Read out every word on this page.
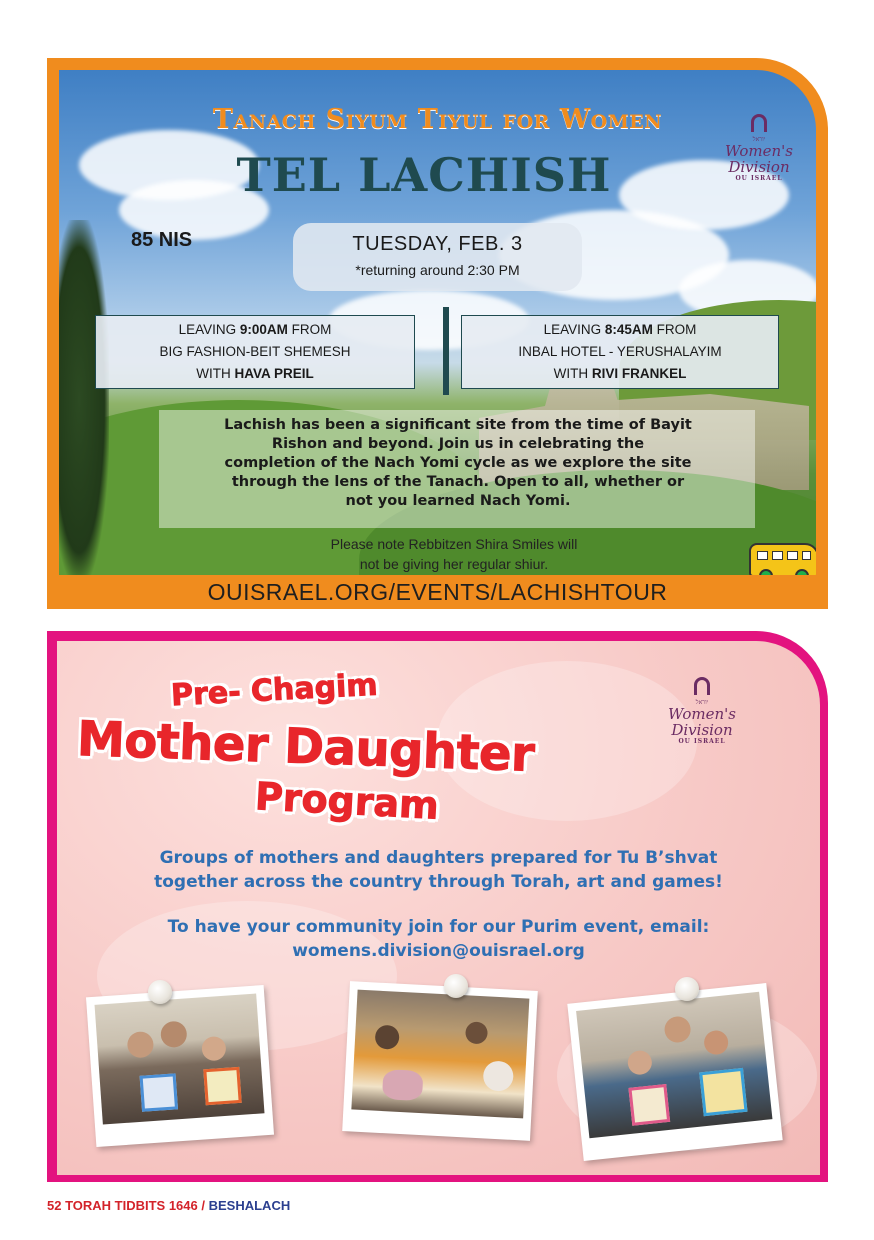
Tanach Siyum Tiyul for Women
TEL LACHISH
יוראל
Women's
Division
OU ISRAEL
85 NIS	TUESDAY, FEB. 3
*returning around 2:30 PM
LEAVING 9:00AM FROM
BIG FASHION-BEIT SHEMESH
WITH HAVA PREIL
LEAVING 8:45AM FROM
INBAL HOTEL - YERUSHALAYIM
WITH RIVI FRANKEL
Lachish has been a significant site from the time of Bayit
Rishon and beyond. Join us in celebrating the
completion of the Nach Yomi cycle as we explore the site
through the lens of the Tanach. Open to all, whether or
not you learned Nach Yomi.
Please note Rebbitzen Shira Smiles will
not be giving her regular shiur.
OUISRAEL.ORG/EVENTS/LACHISHTOUR
Pre- Chagim
Mother Daughter
Program
יוראל
Women's
Division
OU ISRAEL
Groups of mothers and daughters prepared for Tu B’shvat
together across the country through Torah, art and games!
To have your community join for our Purim event, email:
womens.division@ouisrael.org
52 TORAH TIDBITS 1646 / BESHALACH
